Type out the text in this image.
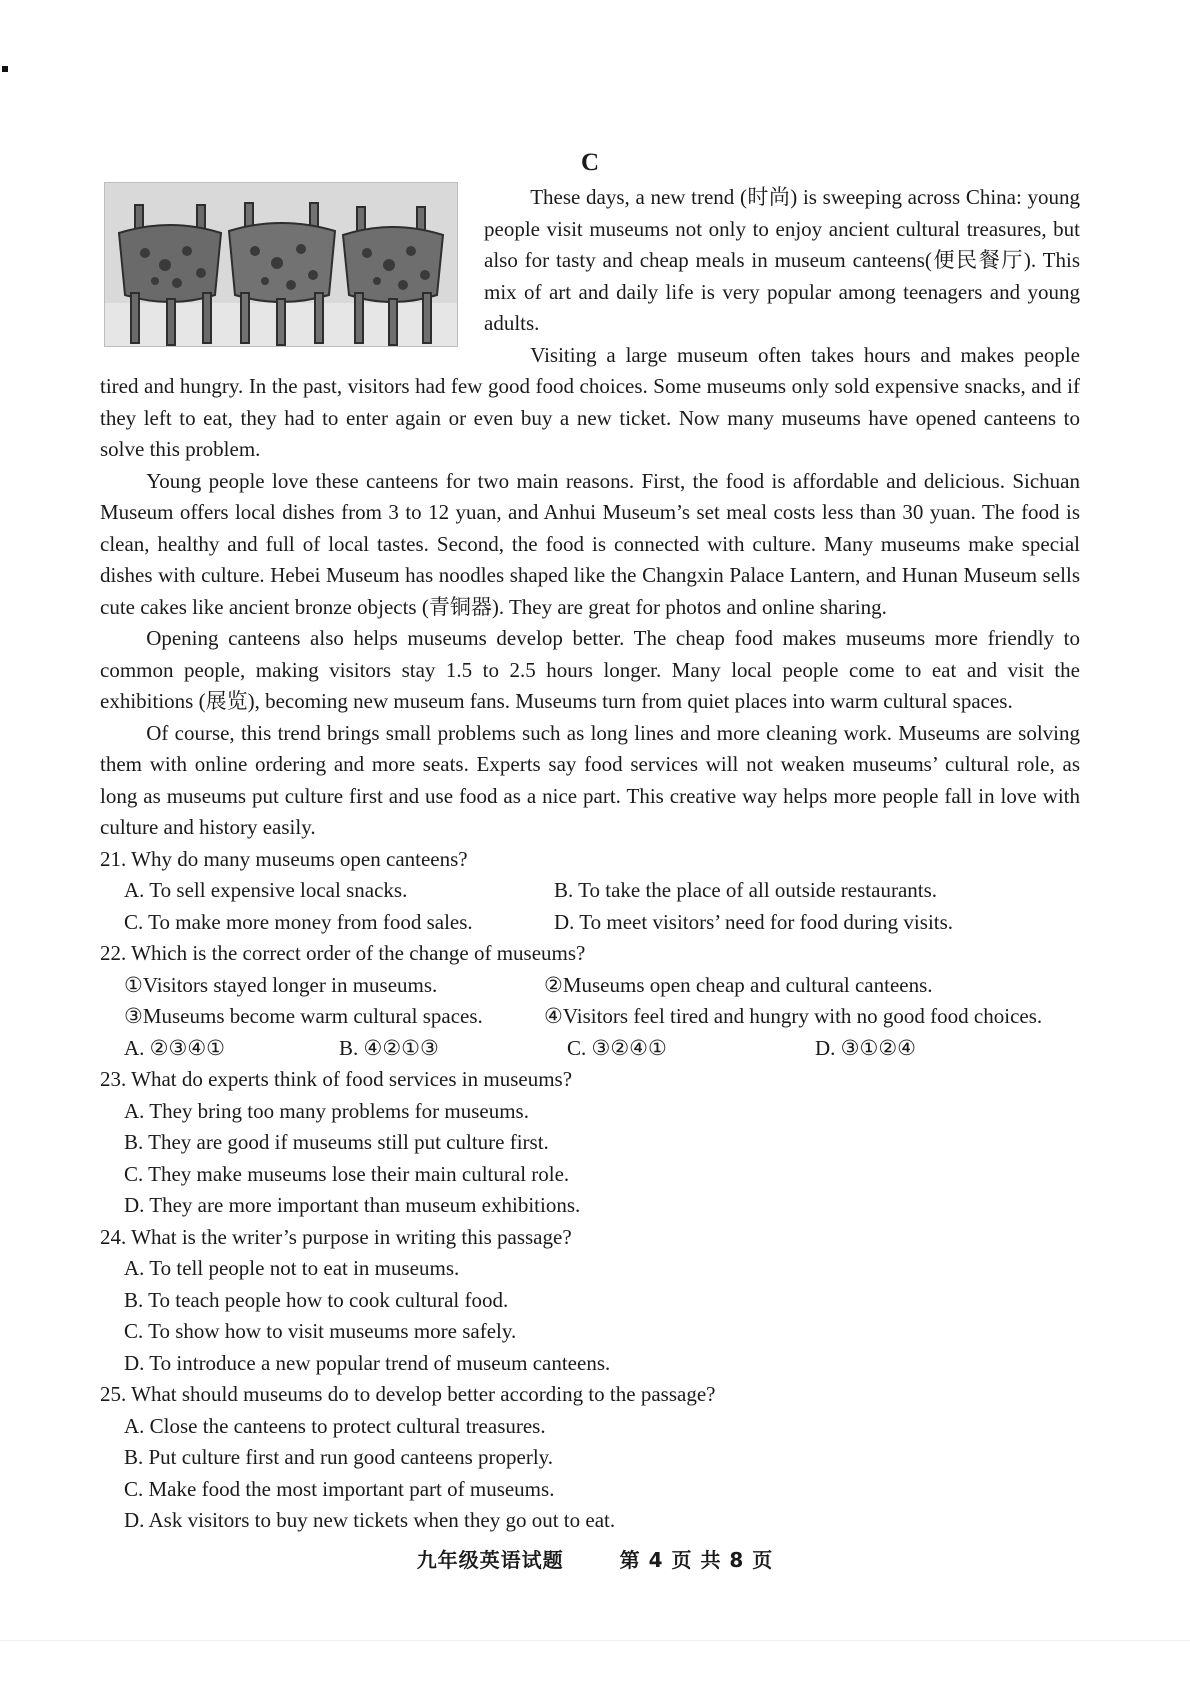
C

These days, a new trend (时尚) is sweeping across China: young people visit museums not only to enjoy ancient cultural treasures, but also for tasty and cheap meals in museum canteens(便民餐厅). This mix of art and daily life is very popular among teenagers and young adults.

Visiting a large museum often takes hours and makes people tired and hungry. In the past, visitors had few good food choices. Some museums only sold expensive snacks, and if they left to eat, they had to enter again or even buy a new ticket. Now many museums have opened canteens to solve this problem.

Young people love these canteens for two main reasons. First, the food is affordable and delicious. Sichuan Museum offers local dishes from 3 to 12 yuan, and Anhui Museum’s set meal costs less than 30 yuan. The food is clean, healthy and full of local tastes. Second, the food is connected with culture. Many museums make special dishes with culture. Hebei Museum has noodles shaped like the Changxin Palace Lantern, and Hunan Museum sells cute cakes like ancient bronze objects (青铜器). They are great for photos and online sharing.

Opening canteens also helps museums develop better. The cheap food makes museums more friendly to common people, making visitors stay 1.5 to 2.5 hours longer. Many local people come to eat and visit the exhibitions (展览), becoming new museum fans. Museums turn from quiet places into warm cultural spaces.

Of course, this trend brings small problems such as long lines and more cleaning work. Museums are solving them with online ordering and more seats. Experts say food services will not weaken museums’ cultural role, as long as museums put culture first and use food as a nice part. This creative way helps more people fall in love with culture and history easily.

21. Why do many museums open canteens?
A. To sell expensive local snacks.	B. To take the place of all outside restaurants.
C. To make more money from food sales.	D. To meet visitors’ need for food during visits.
22. Which is the correct order of the change of museums?
①Visitors stayed longer in museums.	②Museums open cheap and cultural canteens.
③Museums become warm cultural spaces.	④Visitors feel tired and hungry with no good food choices.
A. ②③④①	B. ④②①③	C. ③②④①	D. ③①②④
23. What do experts think of food services in museums?
A. They bring too many problems for museums.
B. They are good if museums still put culture first.
C. They make museums lose their main cultural role.
D. They are more important than museum exhibitions.
24. What is the writer’s purpose in writing this passage?
A. To tell people not to eat in museums.
B. To teach people how to cook cultural food.
C. To show how to visit museums more safely.
D. To introduce a new popular trend of museum canteens.
25. What should museums do to develop better according to the passage?
A. Close the canteens to protect cultural treasures.
B. Put culture first and run good canteens properly.
C. Make food the most important part of museums.
D. Ask visitors to buy new tickets when they go out to eat.
九年级英语试题	第 4 页 共 8 页
